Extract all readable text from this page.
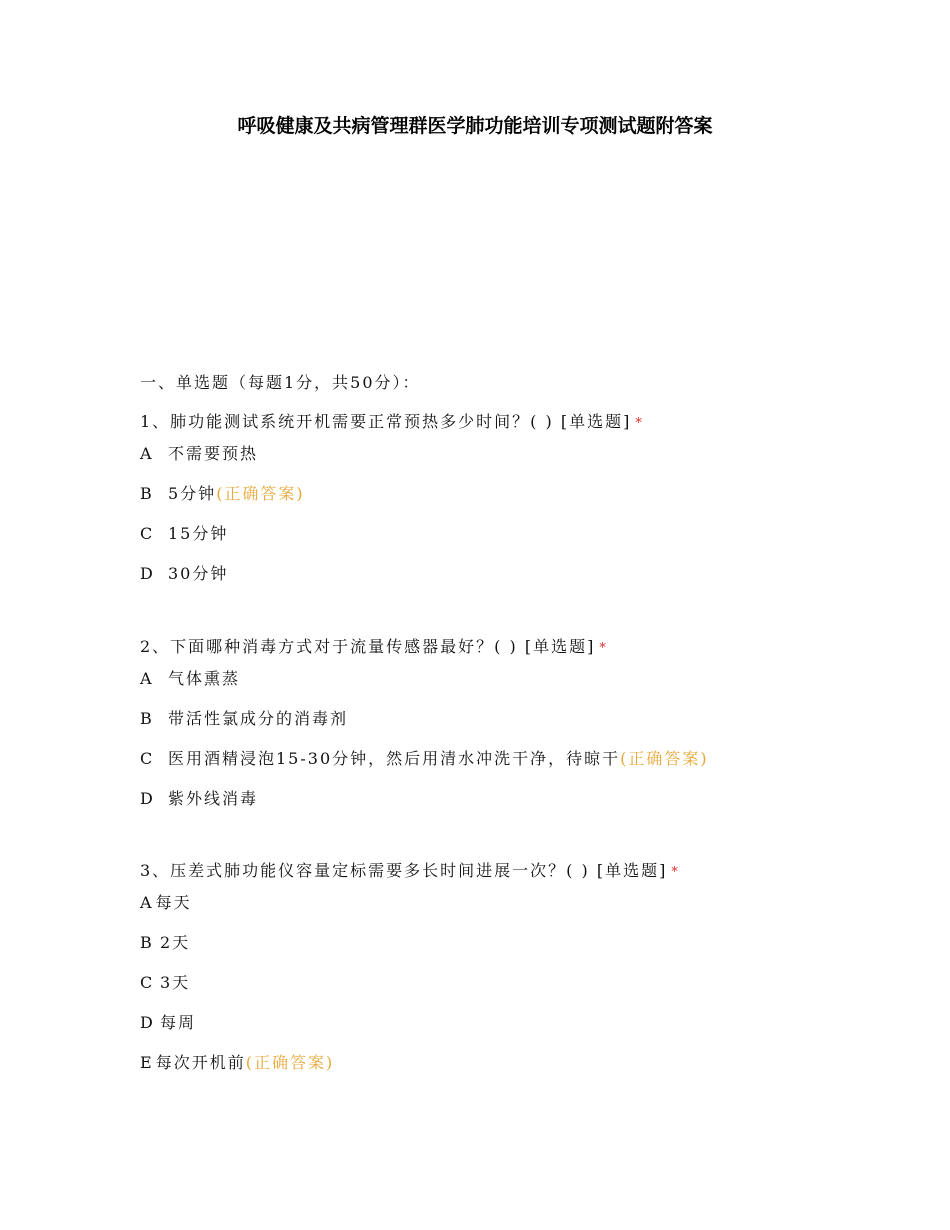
呼吸健康及共病管理群医学肺功能培训专项测试题附答案
一、单选题（每题1分，共50分）：
1、肺功能测试系统开机需要正常预热多少时间？( ) [单选题] *
A 不需要预热
B 5分钟(正确答案)
C 15分钟
D 30分钟
2、下面哪种消毒方式对于流量传感器最好？( ) [单选题] *
A 气体熏蒸
B 带活性氯成分的消毒剂
C 医用酒精浸泡15-30分钟，然后用清水冲洗干净，待晾干(正确答案)
D 紫外线消毒
3、压差式肺功能仪容量定标需要多长时间进展一次？( ) [单选题] *
A 每天
B 2天
C 3天
D 每周
E 每次开机前(正确答案)
